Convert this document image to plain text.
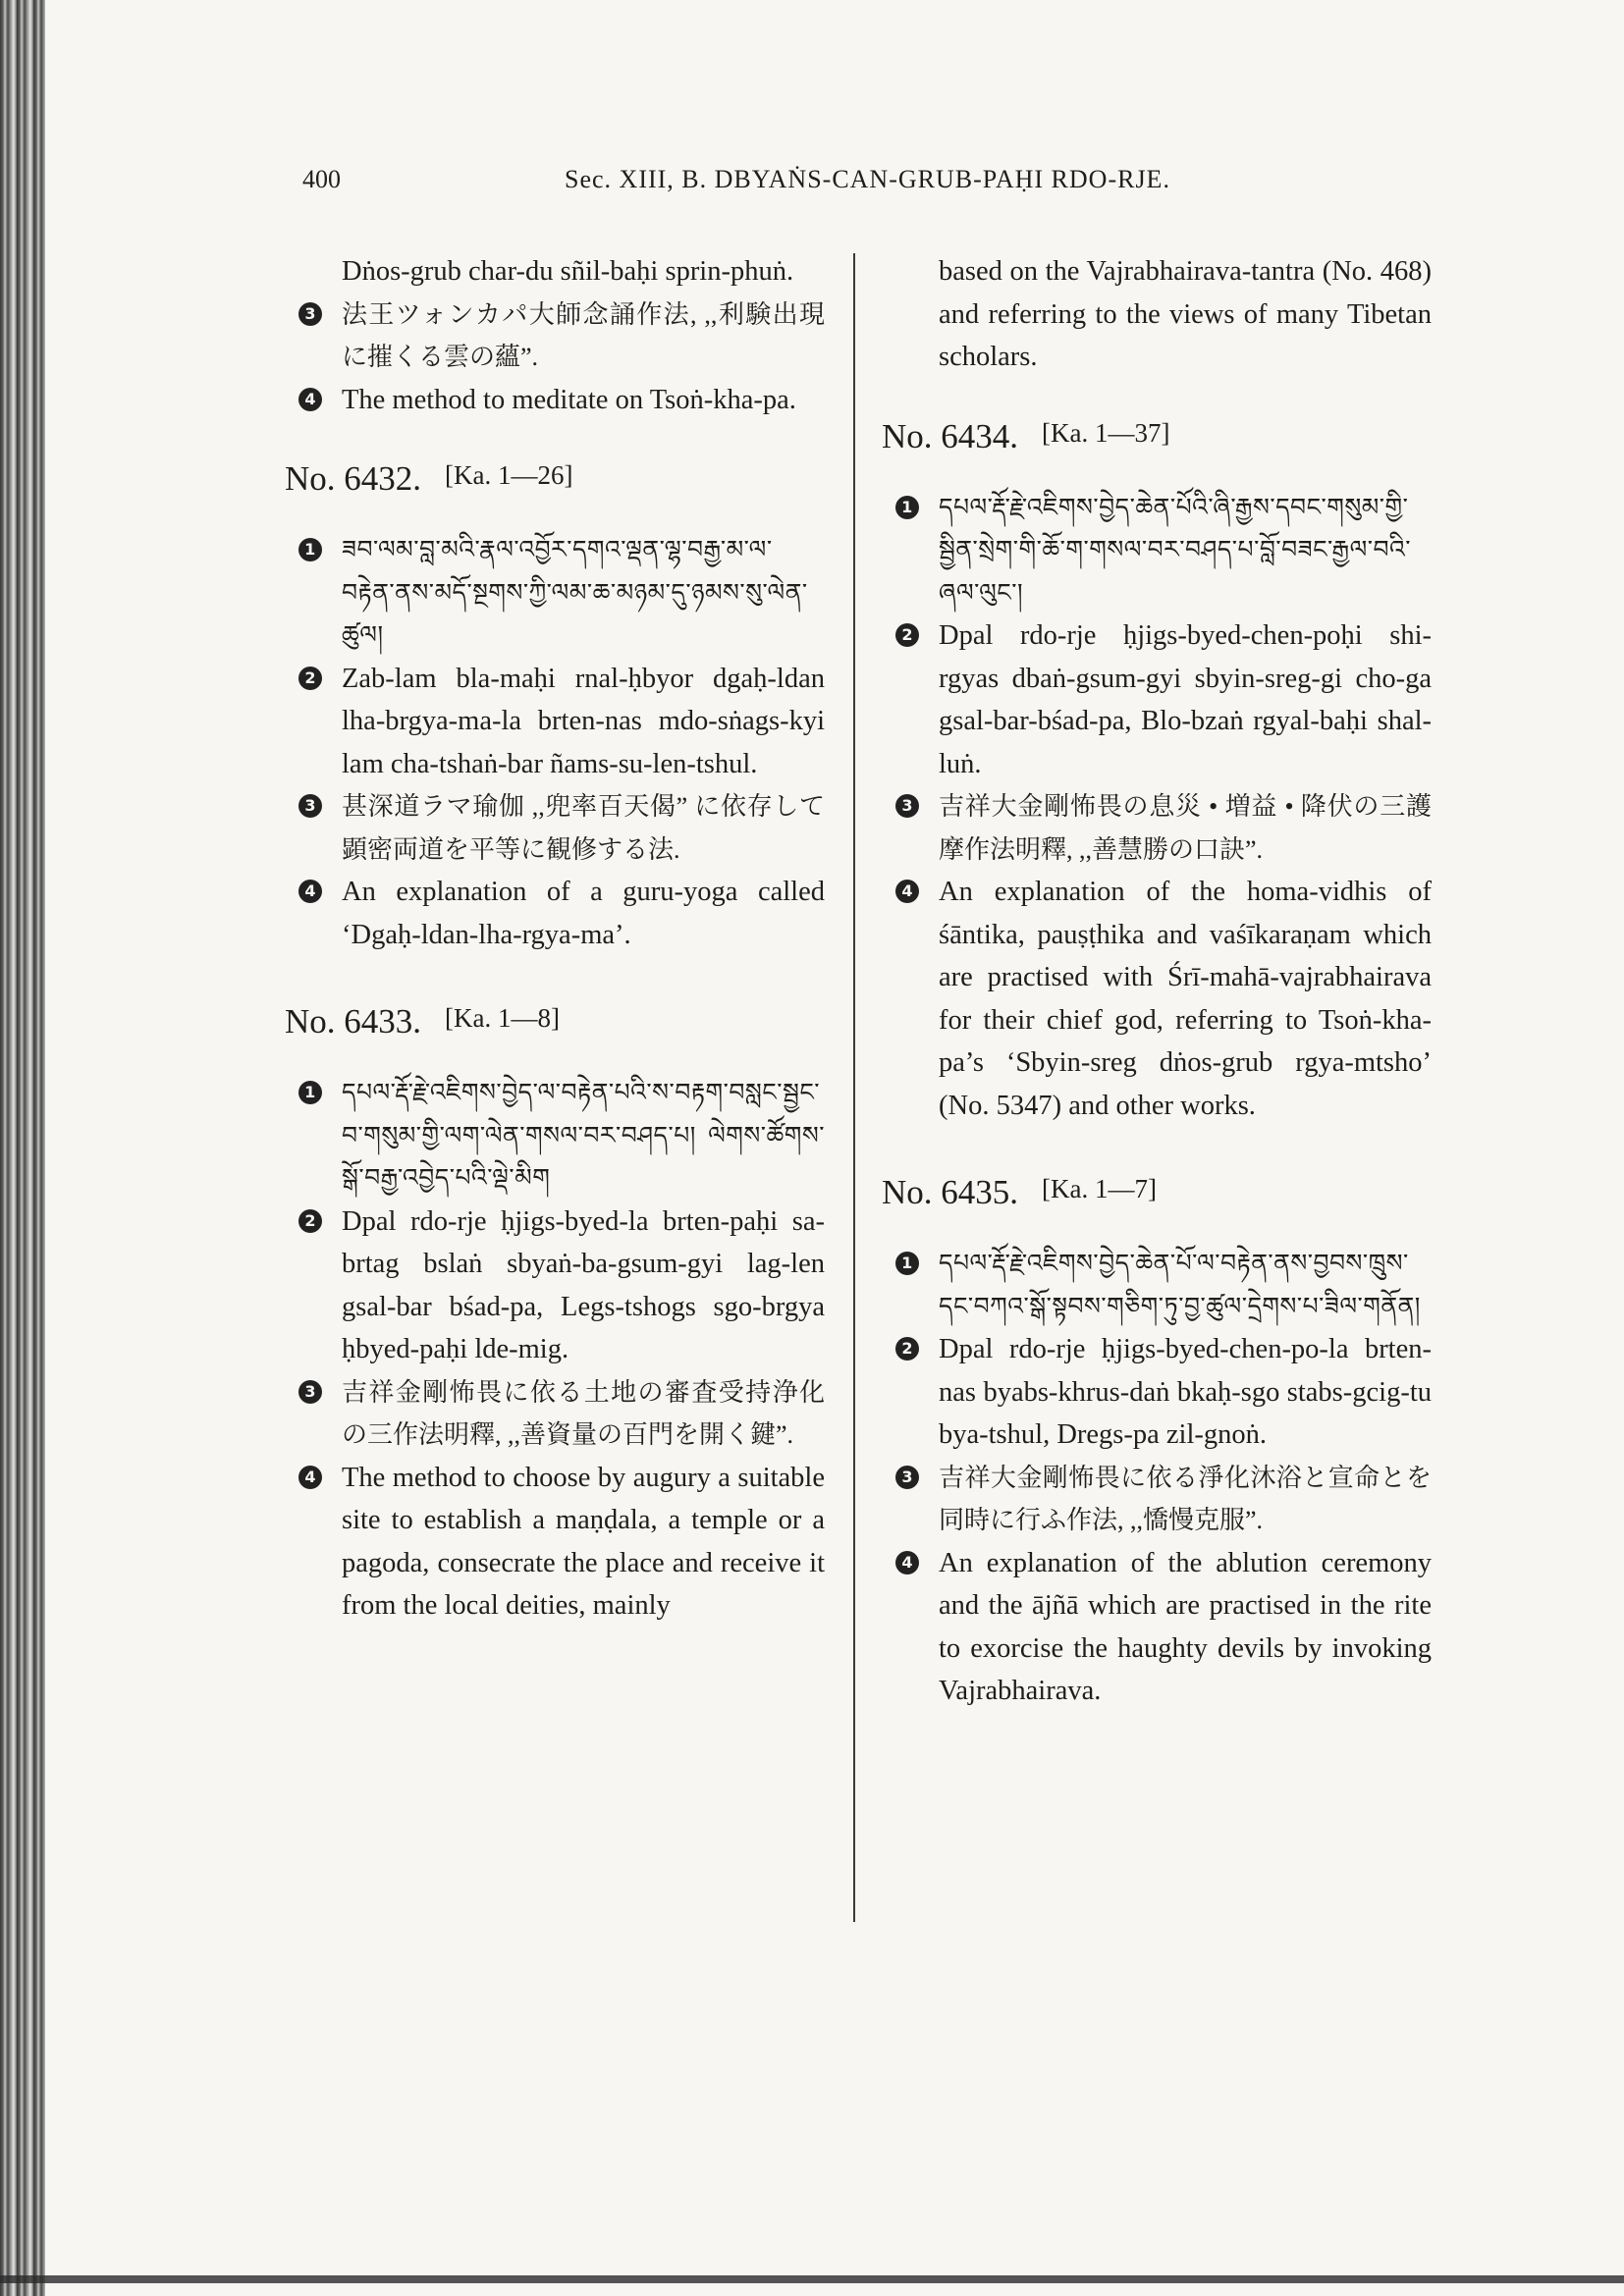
400	Sec. XIII, B. DBYAṄS-CAN-GRUB-PAḤI RDO-RJE.

Dṅos-grub char-du sñil-baḥi sprin-phuṅ.

3 法王ツォンカパ大師念誦作法, ,,利験出現に摧くる雲の蘊”.

4 The method to meditate on Tsoṅ-kha-pa.

No. 6432. [Ka. 1—26]

1 ཟབ་ལམ་བླ་མའི་རྣལ་འབྱོར་དགའ་ལྡན་ལྷ་བརྒྱ་མ་ལ་བརྟེན་ནས་མདོ་སྔགས་ཀྱི་ལམ་ཆ་མཉམ་དུ་ཉམས་སུ་ལེན་ཚུལ།

2 Zab-lam bla-maḥi rnal-ḥbyor dgaḥ-ldan lha-brgya-ma-la brten-nas mdo-sṅags-kyi lam cha-tshaṅ-bar ñams-su-len-tshul.

3 甚深道ラマ瑜伽 ,,兜率百天偈” に依存して顕密両道を平等に観修する法.

4 An explanation of a guru-yoga called ‘Dgaḥ-ldan-lha-rgya-ma’.

No. 6433. [Ka. 1—8]

1 དཔལ་རྡོ་རྗེ་འཇིགས་བྱེད་ལ་བརྟེན་པའི་ས་བརྟག་བསླང་སྦྱང་བ་གསུམ་གྱི་ལག་ལེན་གསལ་བར་བཤད་པ། ལེགས་ཚོགས་སྒོ་བརྒྱ་འབྱེད་པའི་ལྡེ་མིག

2 Dpal rdo-rje ḥjigs-byed-la brten-paḥi sa-brtag bslaṅ sbyaṅ-ba-gsum-gyi lag-len gsal-bar bśad-pa, Legs-tshogs sgo-brgya ḥbyed-paḥi lde-mig.

3 吉祥金剛怖畏に依る土地の審査受持浄化の三作法明釋, ,,善資量の百門を開く鍵”.

4 The method to choose by augury a suitable site to establish a maṇḍala, a temple or a pagoda, consecrate the place and receive it from the local deities, mainly

based on the Vajrabhairava-tantra (No. 468) and referring to the views of many Tibetan scholars.

No. 6434. [Ka. 1—37]

1 དཔལ་རྡོ་རྗེ་འཇིགས་བྱེད་ཆེན་པོའི་ཞི་རྒྱས་དབང་གསུམ་གྱི་སྦྱིན་སྲེག་གི་ཆོ་ག་གསལ་བར་བཤད་པ་བློ་བཟང་རྒྱལ་བའི་ཞལ་ལུང་།

2 Dpal rdo-rje ḥjigs-byed-chen-poḥi shi-rgyas dbaṅ-gsum-gyi sbyin-sreg-gi cho-ga gsal-bar-bśad-pa, Blo-bzaṅ rgyal-baḥi shal-luṅ.

3 吉祥大金剛怖畏の息災 • 増益 • 降伏の三護摩作法明釋, ,,善慧勝の口訣”.

4 An explanation of the homa-vidhis of śāntika, pauṣṭhika and vaśīkaraṇam which are practised with Śrī-mahā-vajrabhairava for their chief god, referring to Tsoṅ-kha-pa’s ‘Sbyin-sreg dṅos-grub rgya-mtsho’ (No. 5347) and other works.

No. 6435. [Ka. 1—7]

1 དཔལ་རྡོ་རྗེ་འཇིགས་བྱེད་ཆེན་པོ་ལ་བརྟེན་ནས་བྱབས་ཁྲུས་དང་བཀའ་སྒོ་སྟབས་གཅིག་ཏུ་བྱ་ཚུལ་དྲེགས་པ་ཟིལ་གནོན།

2 Dpal rdo-rje ḥjigs-byed-chen-po-la brten-nas byabs-khrus-daṅ bkaḥ-sgo stabs-gcig-tu bya-tshul, Dregs-pa zil-gnoṅ.

3 吉祥大金剛怖畏に依る淨化沐浴と宣命とを同時に行ふ作法, ,,憍慢克服”.

4 An explanation of the ablution ceremony and the ājñā which are practised in the rite to exorcise the haughty devils by invoking Vajrabhairava.
